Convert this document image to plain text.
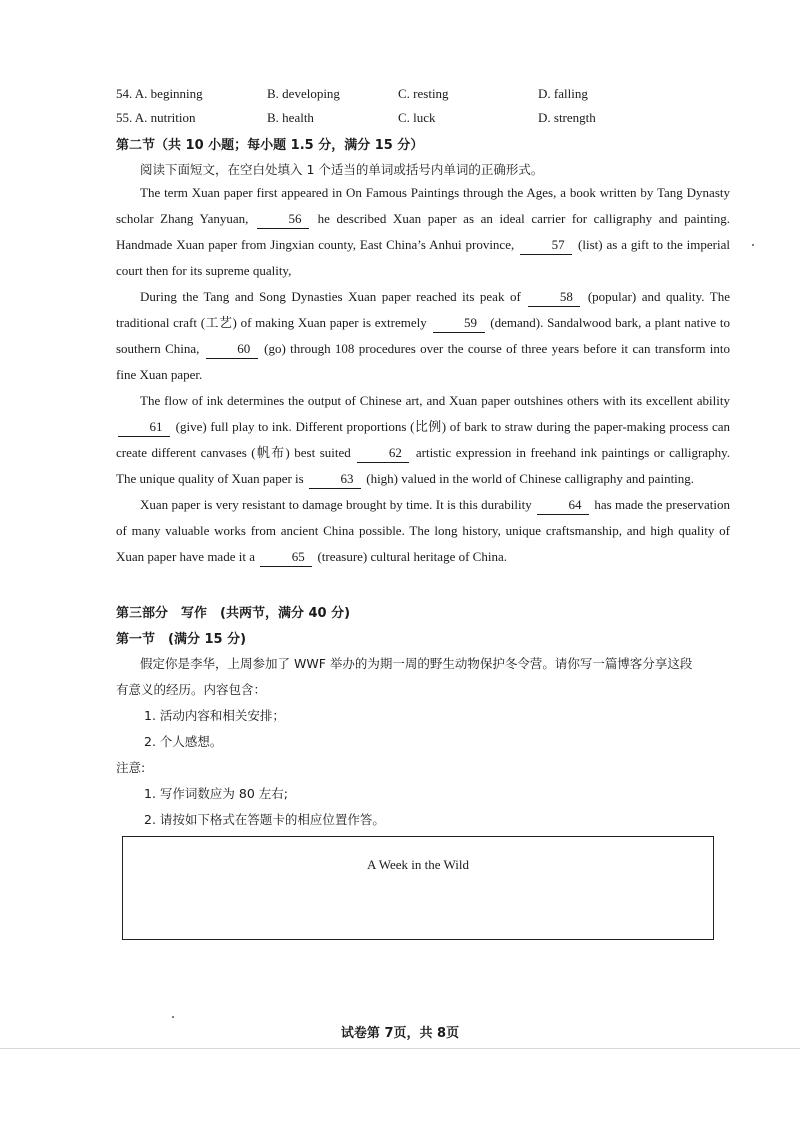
54. A. beginning	B. developing	C. resting	D. falling
55. A. nutrition	B. health	C. luck	D. strength
第二节（共 10 小题；每小题 1.5 分，满分 15 分）
阅读下面短文，在空白处填入 1 个适当的单词或括号内单词的正确形式。

The term Xuan paper first appeared in On Famous Paintings through the Ages, a book written by Tang Dynasty scholar Zhang Yanyuan,	56 he described Xuan paper as an ideal carrier for calligraphy and painting. Handmade Xuan paper from Jingxian county, East China’s Anhui province,	57 (list) as a gift to the imperial court then for its supreme quality,

During the Tang and Song Dynasties Xuan paper reached its peak of	58 (popular) and quality. The traditional craft (工艺) of making Xuan paper is extremely	59 (demand). Sandalwood bark, a plant native to southern China,	60 (go) through 108 procedures over the course of three years before it can transform into fine Xuan paper.

The flow of ink determines the output of Chinese art, and Xuan paper outshines others with its excellent ability 61 (give) full play to ink. Different proportions (比例) of bark to straw during the paper-making process can create different canvases (帆布) best suited	62 artistic expression in freehand ink paintings or calligraphy. The unique quality of Xuan paper is	63 (high) valued in the world of Chinese calligraphy and painting.

Xuan paper is very resistant to damage brought by time. It is this durability	64 has made the preservation of many valuable works from ancient China possible. The long history, unique craftsmanship, and high quality of Xuan paper have made it a	65 (treasure) cultural heritage of China.

第三部分　写作　(共两节，满分 40 分)
第一节　(满分 15 分)
假定你是李华，上周参加了 WWF 举办的为期一周的野生动物保护冬令营。请你写一篇博客分享这段
有意义的经历。内容包含：
1. 活动内容和相关安排；
2. 个人感想。
注意:
1. 写作词数应为 80 左右;
2. 请按如下格式在答题卡的相应位置作答。
A Week in the Wild
试卷第 7页，共 8页
